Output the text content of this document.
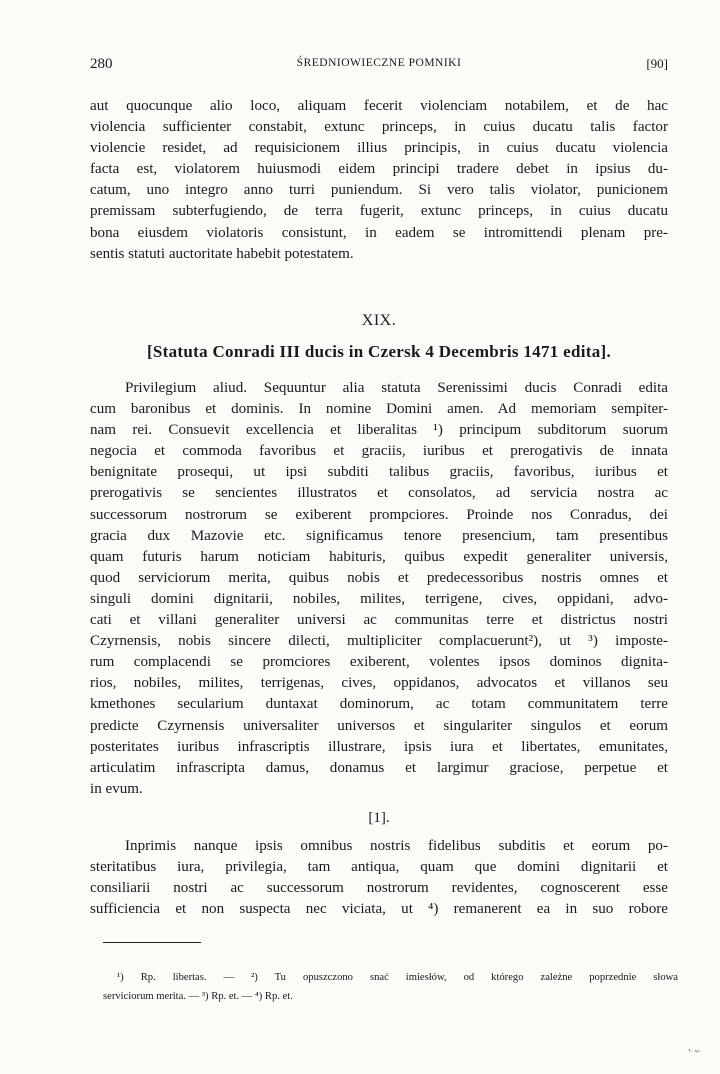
280	ŚREDNIOWIECZNE POMNIKI	[90]
aut quocunque alio loco, aliquam fecerit violenciam notabilem, et de hac
violencia sufficienter constabit, extunc princeps, in cuius ducatu talis factor
violencie residet, ad requisicionem illius principis, in cuius ducatu violencia
facta est, violatorem huiusmodi eidem principi tradere debet in ipsius du-
catum, uno integro anno turri puniendum. Si vero talis violator, punicionem
premissam subterfugiendo, de terra fugerit, extunc princeps, in cuius ducatu
bona eiusdem violatoris consistunt, in eadem se intromittendi plenam pre-
sentis statuti auctoritate habebit potestatem.
XIX.
[Statuta Conradi III ducis in Czersk 4 Decembris 1471 edita].
Privilegium aliud. Sequuntur alia statuta Serenissimi ducis Conradi edita
cum baronibus et dominis. In nomine Domini amen. Ad memoriam sempiter-
nam rei. Consuevit excellencia et liberalitas ¹) principum subditorum suorum
negocia et commoda favoribus et graciis, iuribus et prerogativis de innata
benignitate prosequi, ut ipsi subditi talibus graciis, favoribus, iuribus et
prerogativis se sencientes illustratos et consolatos, ad servicia nostra ac
successorum nostrorum se exiberent prompciores. Proinde nos Conradus, dei
gracia dux Mazovie etc. significamus tenore presencium, tam presentibus
quam futuris harum noticiam habituris, quibus expedit generaliter universis,
quod serviciorum merita, quibus nobis et predecessoribus nostris omnes et
singuli domini dignitarii, nobiles, milites, terrigene, cives, oppidani, advo-
cati et villani generaliter universi ac communitas terre et districtus nostri
Czyrnensis, nobis sincere dilecti, multipliciter complacuerunt²), ut ³) imposte-
rum complacendi se promciores exiberent, volentes ipsos dominos dignita-
rios, nobiles, milites, terrigenas, cives, oppidanos, advocatos et villanos seu
kmethones secularium duntaxat dominorum, ac totam communitatem terre
predicte Czyrnensis universaliter universos et singulariter singulos et eorum
posteritates iuribus infrascriptis illustrare, ipsis iura et libertates, emunitates,
articulatim infrascripta damus, donamus et largimur graciose, perpetue et
in evum.
[1].
Inprimis nanque ipsis omnibus nostris fidelibus subditis et eorum po-
steritatibus iura, privilegia, tam antiqua, quam que domini dignitarii et
consiliarii nostri ac successorum nostrorum revidentes, cognoscerent esse
sufficiencia et non suspecta nec viciata, ut ⁴) remanerent ea in suo robore
¹) Rp. libertas. — ²) Tu opuszczono snać imiesłów, od którego zależne poprzednie słowa
serviciorum merita. — ³) Rp. et. — ⁴) Rp. et.
ᵀ· ᵃᵖ·
